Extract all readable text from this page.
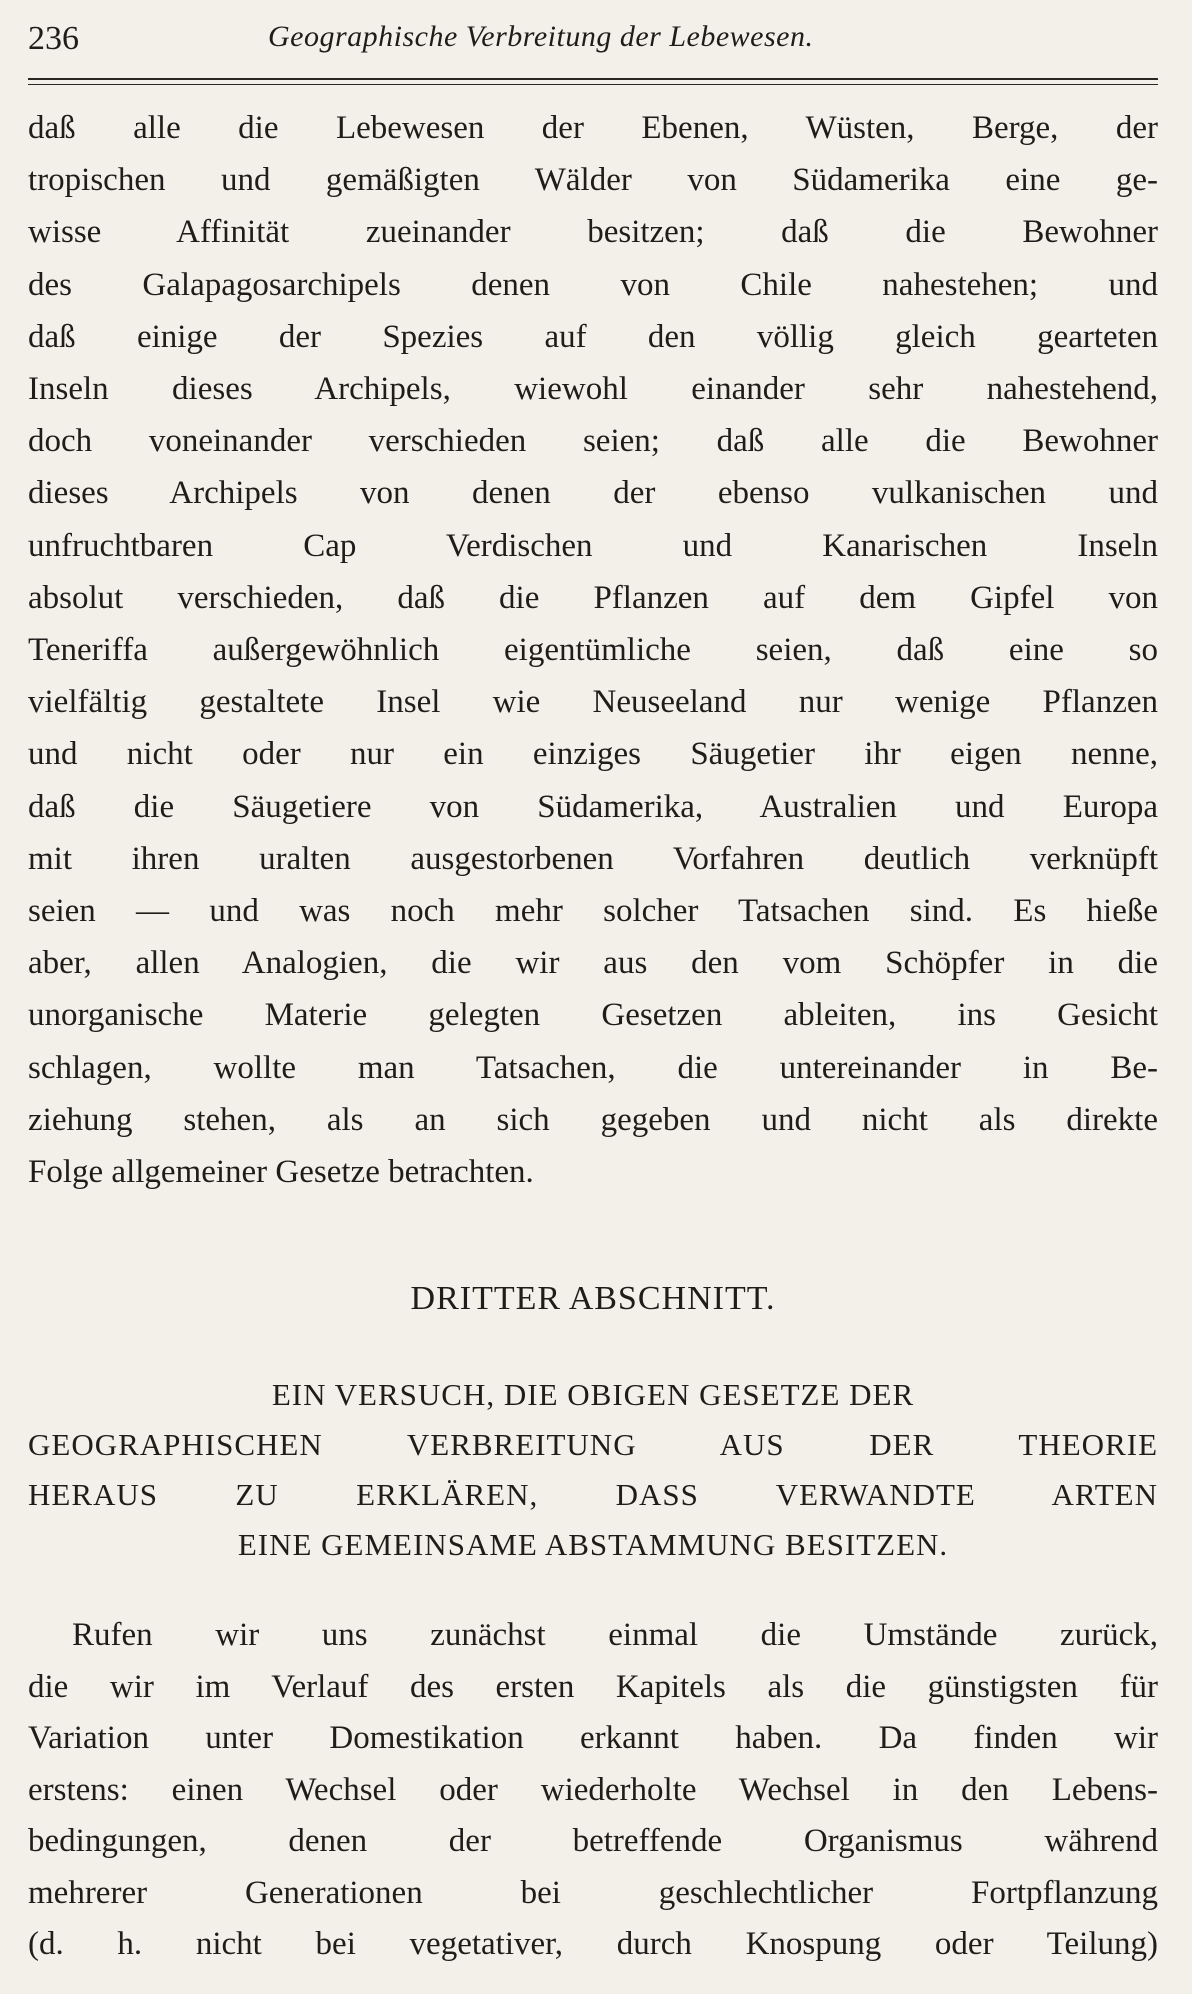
236	Geographische Verbreitung der Lebewesen.
daß alle die Lebewesen der Ebenen, Wüsten, Berge, der
tropischen und gemäßigten Wälder von Südamerika eine ge-
wisse Affinität zueinander besitzen; daß die Bewohner
des Galapagosarchipels denen von Chile nahestehen; und
daß einige der Spezies auf den völlig gleich gearteten
Inseln dieses Archipels, wiewohl einander sehr nahestehend,
doch voneinander verschieden seien; daß alle die Bewohner
dieses Archipels von denen der ebenso vulkanischen und
unfruchtbaren Cap Verdischen und Kanarischen Inseln
absolut verschieden, daß die Pflanzen auf dem Gipfel von
Teneriffa außergewöhnlich eigentümliche seien, daß eine so
vielfältig gestaltete Insel wie Neuseeland nur wenige Pflanzen
und nicht oder nur ein einziges Säugetier ihr eigen nenne,
daß die Säugetiere von Südamerika, Australien und Europa
mit ihren uralten ausgestorbenen Vorfahren deutlich verknüpft
seien — und was noch mehr solcher Tatsachen sind. Es hieße
aber, allen Analogien, die wir aus den vom Schöpfer in die
unorganische Materie gelegten Gesetzen ableiten, ins Gesicht
schlagen, wollte man Tatsachen, die untereinander in Be-
ziehung stehen, als an sich gegeben und nicht als direkte
Folge allgemeiner Gesetze betrachten.
DRITTER ABSCHNITT.
EIN VERSUCH, DIE OBIGEN GESETZE DER
GEOGRAPHISCHEN VERBREITUNG AUS DER THEORIE
HERAUS ZU ERKLÄREN, DASS VERWANDTE ARTEN
EINE GEMEINSAME ABSTAMMUNG BESITZEN.
Rufen wir uns zunächst einmal die Umstände zurück,
die wir im Verlauf des ersten Kapitels als die günstigsten für
Variation unter Domestikation erkannt haben. Da finden wir
erstens: einen Wechsel oder wiederholte Wechsel in den Lebens-
bedingungen, denen der betreffende Organismus während
mehrerer Generationen bei geschlechtlicher Fortpflanzung
(d. h. nicht bei vegetativer, durch Knospung oder Teilung)
